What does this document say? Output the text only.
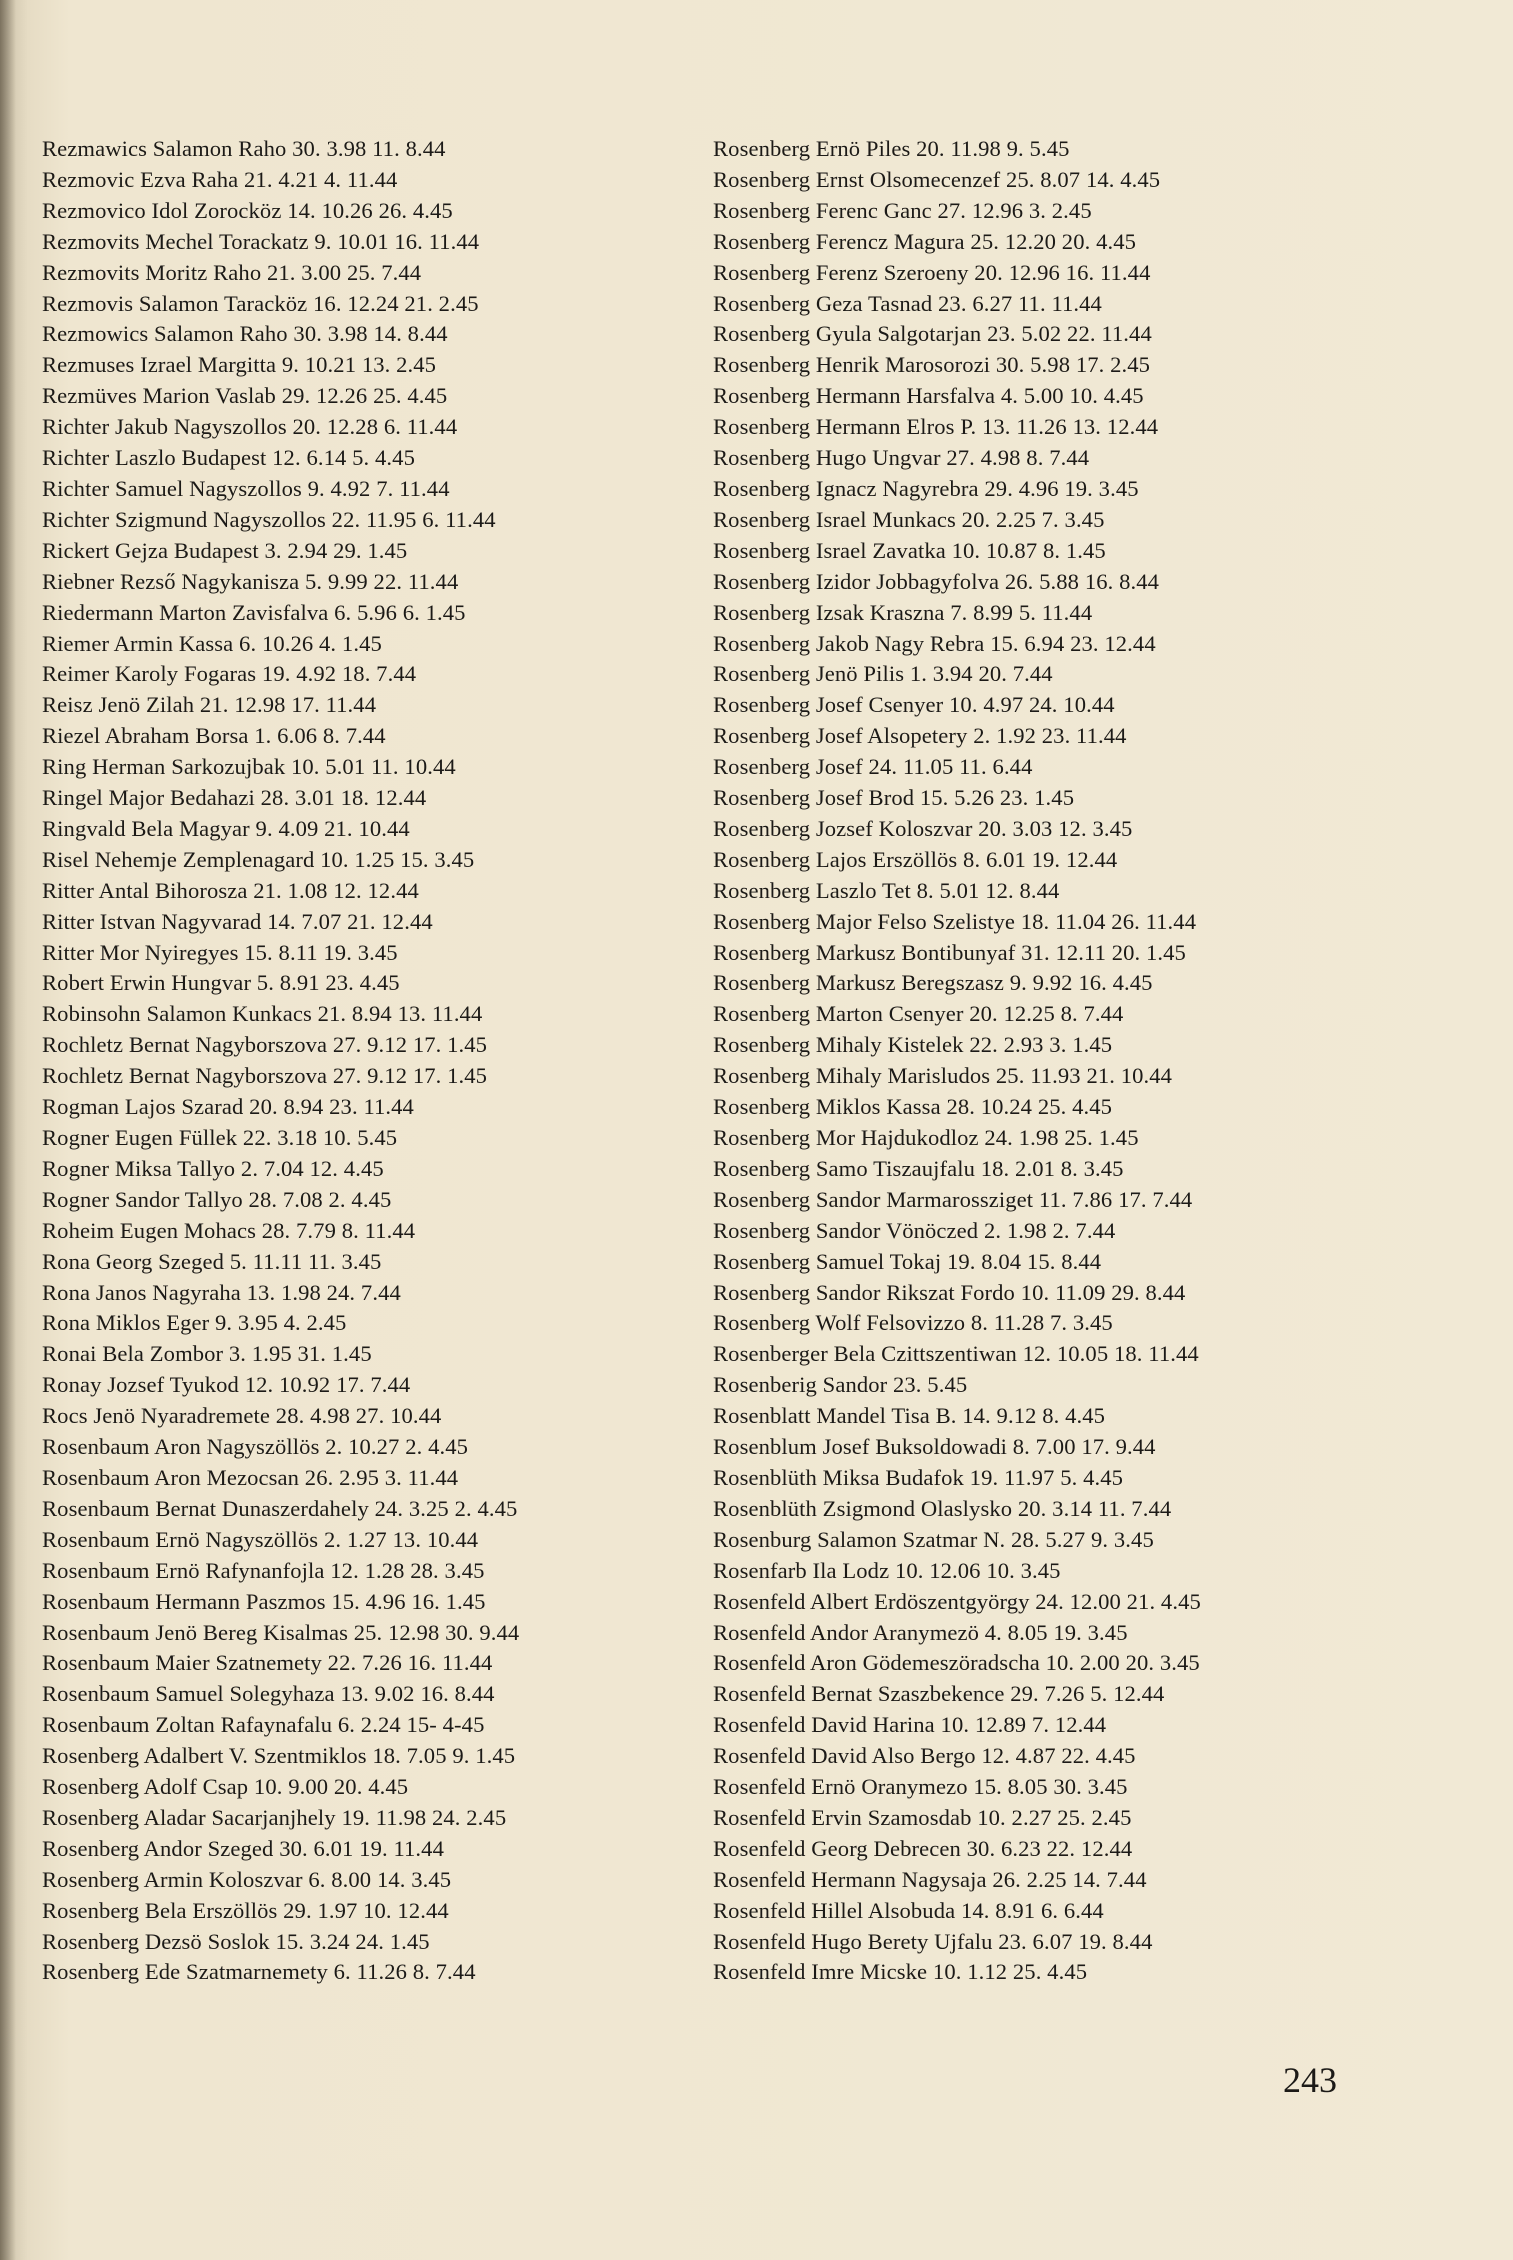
Rezmawics Salamon Raho 30. 3.98 11. 8.44
Rezmovic Ezva Raha 21. 4.21 4. 11.44
Rezmovico Idol Zorocköz 14. 10.26 26. 4.45
Rezmovits Mechel Torackatz 9. 10.01 16. 11.44
Rezmovits Moritz Raho 21. 3.00 25. 7.44
Rezmovis Salamon Taracköz 16. 12.24 21. 2.45
Rezmowics Salamon Raho 30. 3.98 14. 8.44
Rezmuses Izrael Margitta 9. 10.21 13. 2.45
Rezmüves Marion Vaslab 29. 12.26 25. 4.45
Richter Jakub Nagyszollos 20. 12.28 6. 11.44
Richter Laszlo Budapest 12. 6.14 5. 4.45
Richter Samuel Nagyszollos 9. 4.92 7. 11.44
Richter Szigmund Nagyszollos 22. 11.95 6. 11.44
Rickert Gejza Budapest 3. 2.94 29. 1.45
Riebner Rezső Nagykanisza 5. 9.99 22. 11.44
Riedermann Marton Zavisfalva 6. 5.96 6. 1.45
Riemer Armin Kassa 6. 10.26 4. 1.45
Reimer Karoly Fogaras 19. 4.92 18. 7.44
Reisz Jenö Zilah 21. 12.98 17. 11.44
Riezel Abraham Borsa 1. 6.06 8. 7.44
Ring Herman Sarkozujbak 10. 5.01 11. 10.44
Ringel Major Bedahazi 28. 3.01 18. 12.44
Ringvald Bela Magyar 9. 4.09 21. 10.44
Risel Nehemje Zemplenagard 10. 1.25 15. 3.45
Ritter Antal Bihorosza 21. 1.08 12. 12.44
Ritter Istvan Nagyvarad 14. 7.07 21. 12.44
Ritter Mor Nyiregyes 15. 8.11 19. 3.45
Robert Erwin Hungvar 5. 8.91 23. 4.45
Robinsohn Salamon Kunkacs 21. 8.94 13. 11.44
Rochletz Bernat Nagyborszova 27. 9.12 17. 1.45
Rochletz Bernat Nagyborszova 27. 9.12 17. 1.45
Rogman Lajos Szarad 20. 8.94 23. 11.44
Rogner Eugen Füllek 22. 3.18 10. 5.45
Rogner Miksa Tallyo 2. 7.04 12. 4.45
Rogner Sandor Tallyo 28. 7.08 2. 4.45
Roheim Eugen Mohacs 28. 7.79 8. 11.44
Rona Georg Szeged 5. 11.11 11. 3.45
Rona Janos Nagyraha 13. 1.98 24. 7.44
Rona Miklos Eger 9. 3.95 4. 2.45
Ronai Bela Zombor 3. 1.95 31. 1.45
Ronay Jozsef Tyukod 12. 10.92 17. 7.44
Rocs Jenö Nyaradremete 28. 4.98 27. 10.44
Rosenbaum Aron Nagyszöllös 2. 10.27 2. 4.45
Rosenbaum Aron Mezocsan 26. 2.95 3. 11.44
Rosenbaum Bernat Dunaszerdahely 24. 3.25 2. 4.45
Rosenbaum Ernö Nagyszöllös 2. 1.27 13. 10.44
Rosenbaum Ernö Rafynanfojla 12. 1.28 28. 3.45
Rosenbaum Hermann Paszmos 15. 4.96 16. 1.45
Rosenbaum Jenö Bereg Kisalmas 25. 12.98 30. 9.44
Rosenbaum Maier Szatnemety 22. 7.26 16. 11.44
Rosenbaum Samuel Solegyhaza 13. 9.02 16. 8.44
Rosenbaum Zoltan Rafaynafalu 6. 2.24 15- 4-45
Rosenberg Adalbert V. Szentmiklos 18. 7.05 9. 1.45
Rosenberg Adolf Csap 10. 9.00 20. 4.45
Rosenberg Aladar Sacarjanjhely 19. 11.98 24. 2.45
Rosenberg Andor Szeged 30. 6.01 19. 11.44
Rosenberg Armin Koloszvar 6. 8.00 14. 3.45
Rosenberg Bela Erszöllös 29. 1.97 10. 12.44
Rosenberg Dezsö Soslok 15. 3.24 24. 1.45
Rosenberg Ede Szatmarnemety 6. 11.26 8. 7.44
Rosenberg Ernö Piles 20. 11.98 9. 5.45
Rosenberg Ernst Olsomecenzef 25. 8.07 14. 4.45
Rosenberg Ferenc Ganc 27. 12.96 3. 2.45
Rosenberg Ferencz Magura 25. 12.20 20. 4.45
Rosenberg Ferenz Szeroeny 20. 12.96 16. 11.44
Rosenberg Geza Tasnad 23. 6.27 11. 11.44
Rosenberg Gyula Salgotarjan 23. 5.02 22. 11.44
Rosenberg Henrik Marosorozi 30. 5.98 17. 2.45
Rosenberg Hermann Harsfalva 4. 5.00 10. 4.45
Rosenberg Hermann Elros P. 13. 11.26 13. 12.44
Rosenberg Hugo Ungvar 27. 4.98 8. 7.44
Rosenberg Ignacz Nagyrebra 29. 4.96 19. 3.45
Rosenberg Israel Munkacs 20. 2.25 7. 3.45
Rosenberg Israel Zavatka 10. 10.87 8. 1.45
Rosenberg Izidor Jobbagyfolva 26. 5.88 16. 8.44
Rosenberg Izsak Kraszna 7. 8.99 5. 11.44
Rosenberg Jakob Nagy Rebra 15. 6.94 23. 12.44
Rosenberg Jenö Pilis 1. 3.94 20. 7.44
Rosenberg Josef Csenyer 10. 4.97 24. 10.44
Rosenberg Josef Alsopetery 2. 1.92 23. 11.44
Rosenberg Josef 24. 11.05 11. 6.44
Rosenberg Josef Brod 15. 5.26 23. 1.45
Rosenberg Jozsef Koloszvar 20. 3.03 12. 3.45
Rosenberg Lajos Erszöllös 8. 6.01 19. 12.44
Rosenberg Laszlo Tet 8. 5.01 12. 8.44
Rosenberg Major Felso Szelistye 18. 11.04 26. 11.44
Rosenberg Markusz Bontibunyaf 31. 12.11 20. 1.45
Rosenberg Markusz Beregszasz 9. 9.92 16. 4.45
Rosenberg Marton Csenyer 20. 12.25 8. 7.44
Rosenberg Mihaly Kistelek 22. 2.93 3. 1.45
Rosenberg Mihaly Marisludos 25. 11.93 21. 10.44
Rosenberg Miklos Kassa 28. 10.24 25. 4.45
Rosenberg Mor Hajdukodloz 24. 1.98 25. 1.45
Rosenberg Samo Tiszaujfalu 18. 2.01 8. 3.45
Rosenberg Sandor Marmarossziget 11. 7.86 17. 7.44
Rosenberg Sandor Vönöczed 2. 1.98 2. 7.44
Rosenberg Samuel Tokaj 19. 8.04 15. 8.44
Rosenberg Sandor Rikszat Fordo 10. 11.09 29. 8.44
Rosenberg Wolf Felsovizzo 8. 11.28 7. 3.45
Rosenberger Bela Czittszentiwan 12. 10.05 18. 11.44
Rosenberig Sandor 23. 5.45
Rosenblatt Mandel Tisa B. 14. 9.12 8. 4.45
Rosenblum Josef Buksoldowadi 8. 7.00 17. 9.44
Rosenblüth Miksa Budafok 19. 11.97 5. 4.45
Rosenblüth Zsigmond Olaslysko 20. 3.14 11. 7.44
Rosenburg Salamon Szatmar N. 28. 5.27 9. 3.45
Rosenfarb Ila Lodz 10. 12.06 10. 3.45
Rosenfeld Albert Erdöszentgyörgy 24. 12.00 21. 4.45
Rosenfeld Andor Aranymezö 4. 8.05 19. 3.45
Rosenfeld Aron Gödemeszöradscha 10. 2.00 20. 3.45
Rosenfeld Bernat Szaszbekence 29. 7.26 5. 12.44
Rosenfeld David Harina 10. 12.89 7. 12.44
Rosenfeld David Also Bergo 12. 4.87 22. 4.45
Rosenfeld Ernö Oranymezo 15. 8.05 30. 3.45
Rosenfeld Ervin Szamosdab 10. 2.27 25. 2.45
Rosenfeld Georg Debrecen 30. 6.23 22. 12.44
Rosenfeld Hermann Nagysaja 26. 2.25 14. 7.44
Rosenfeld Hillel Alsobuda 14. 8.91 6. 6.44
Rosenfeld Hugo Berety Ujfalu 23. 6.07 19. 8.44
Rosenfeld Imre Micske 10. 1.12 25. 4.45
243
